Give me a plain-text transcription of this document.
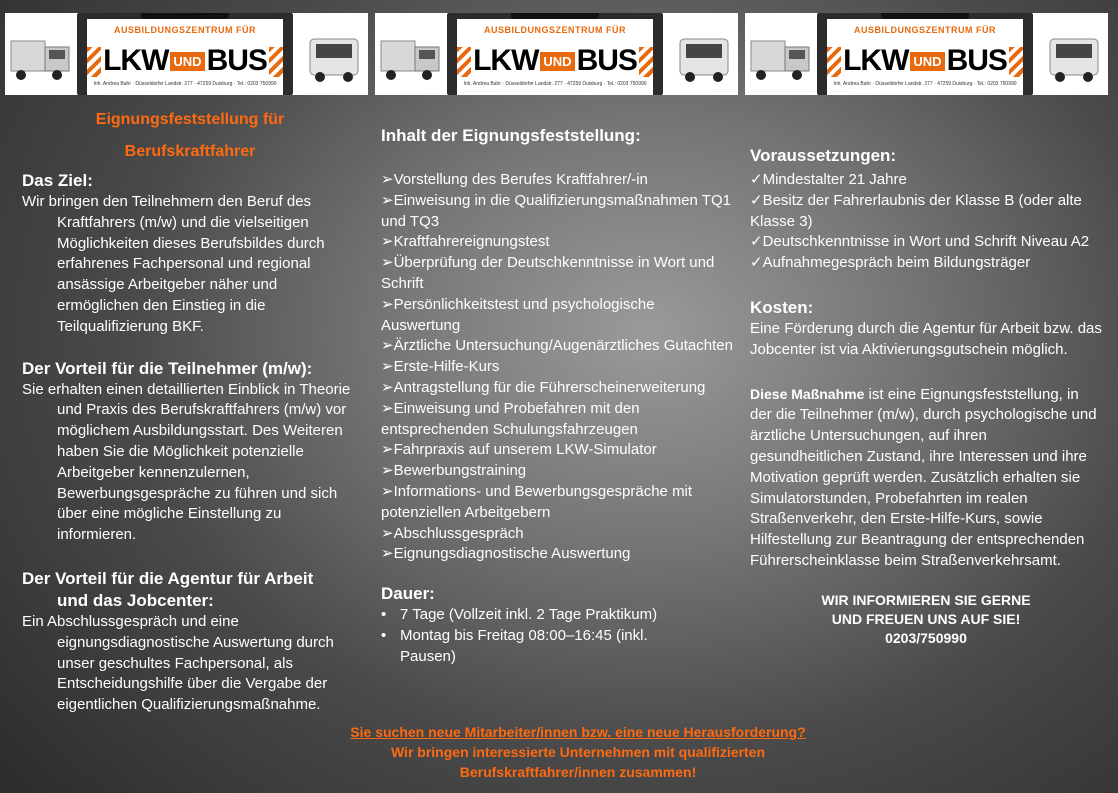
AUSBILDUNGSZENTRUM FÜR
LKW UND BUS
Inh. Andrea Bahr · Düsseldorfer Landstr. 277 · 47259 Duisburg · Tel.: 0203 750990
AUSBILDUNGSZENTRUM FÜR
LKW UND BUS
Inh. Andrea Bahr · Düsseldorfer Landstr. 277 · 47259 Duisburg · Tel.: 0203 750990
AUSBILDUNGSZENTRUM FÜR
LKW UND BUS
Inh. Andrea Bahr · Düsseldorfer Landstr. 277 · 47259 Duisburg · Tel.: 0203 750990
Eignungsfeststellung für
Berufskraftfahrer

Das Ziel:

Wir bringen den Teilnehmern den Beruf des Kraftfahrers (m/w) und die vielseitigen Möglichkeiten dieses Berufsbildes durch erfahrenes Fachpersonal und regional ansässige Arbeitgeber näher und ermöglichen den Einstieg in die Teilqualifizierung BKF.

Der Vorteil für die Teilnehmer (m/w):

Sie erhalten einen detaillierten Einblick in Theorie und Praxis des Berufskraftfahrers (m/w) vor möglichem Ausbildungsstart. Des Weiteren haben Sie die Möglichkeit potenzielle Arbeitgeber kennenzulernen, Bewerbungsgespräche zu führen und sich über eine mögliche Einstellung zu informieren.

Der Vorteil für die Agentur für Arbeit
und das Jobcenter:

Ein Abschlussgespräch und eine eignungsdiagnostische Auswertung durch unser geschultes Fachpersonal, als Entscheidungshilfe über die Vergabe der eigentlichen Qualifizierungsmaßnahme.

Inhalt der Eignungsfeststellung:

➢Vorstellung des Berufes Kraftfahrer/-in
➢Einweisung in die Qualifizierungsmaßnahmen TQ1 und TQ3
➢Kraftfahrereignungstest
➢Überprüfung der Deutschkenntnisse in Wort und Schrift
➢Persönlichkeitstest und psychologische Auswertung
➢Ärztliche Untersuchung/Augenärztliches Gutachten
➢Erste-Hilfe-Kurs
➢Antragstellung für die Führerscheinerweiterung
➢Einweisung und Probefahren mit den entsprechenden Schulungsfahrzeugen
➢Fahrpraxis auf unserem LKW-Simulator
➢Bewerbungstraining
➢Informations- und Bewerbungsgespräche mit potenziellen Arbeitgebern
➢Abschlussgespräch
➢Eignungsdiagnostische Auswertung

Dauer:

• 7 Tage (Vollzeit inkl. 2 Tage Praktikum)
• Montag bis Freitag 08:00–16:45 (inkl. Pausen)

Voraussetzungen:

✓Mindestalter 21 Jahre
✓Besitz der Fahrerlaubnis der Klasse B (oder alte Klasse 3)
✓Deutschkenntnisse in Wort und Schrift Niveau A2
✓Aufnahmegespräch beim Bildungsträger

Kosten:

Eine Förderung durch die Agentur für Arbeit bzw. das Jobcenter ist via Aktivierungsgutschein möglich.

Diese Maßnahme ist eine Eignungsfeststellung, in der die Teilnehmer (m/w), durch psychologische und ärztliche Untersuchungen, auf ihren gesundheitlichen Zustand, ihre Interessen und ihre Motivation geprüft werden. Zusätzlich erhalten sie Simulatorstunden, Probefahrten im realen Straßenverkehr, den Erste-Hilfe-Kurs, sowie Hilfestellung zur Beantragung der entsprechenden Führerscheinklasse beim Straßenverkehrsamt.

WIR INFORMIEREN SIE GERNE
UND FREUEN UNS AUF SIE!
0203/750990
Sie suchen neue Mitarbeiter/innen bzw. eine neue Herausforderung?
Wir bringen interessierte Unternehmen mit qualifizierten
Berufskraftfahrer/innen zusammen!
